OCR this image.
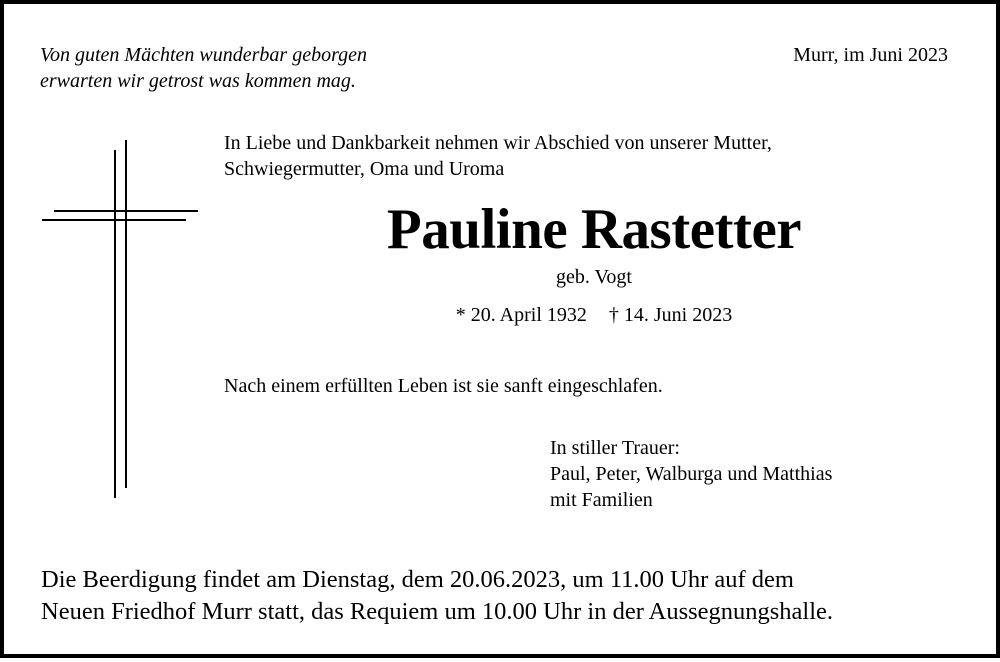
Von guten Mächten wunderbar geborgen
erwarten wir getrost was kommen mag.
Murr, im Juni 2023
In Liebe und Dankbarkeit nehmen wir Abschied von unserer Mutter,
Schwiegermutter, Oma und Uroma
Pauline Rastetter
geb. Vogt
* 20. April 1932 † 14. Juni 2023
Nach einem erfüllten Leben ist sie sanft eingeschlafen.
In stiller Trauer:
Paul, Peter, Walburga und Matthias
mit Familien
Die Beerdigung findet am Dienstag, dem 20.06.2023, um 11.00 Uhr auf dem
Neuen Friedhof Murr statt, das Requiem um 10.00 Uhr in der Aussegnungshalle.
